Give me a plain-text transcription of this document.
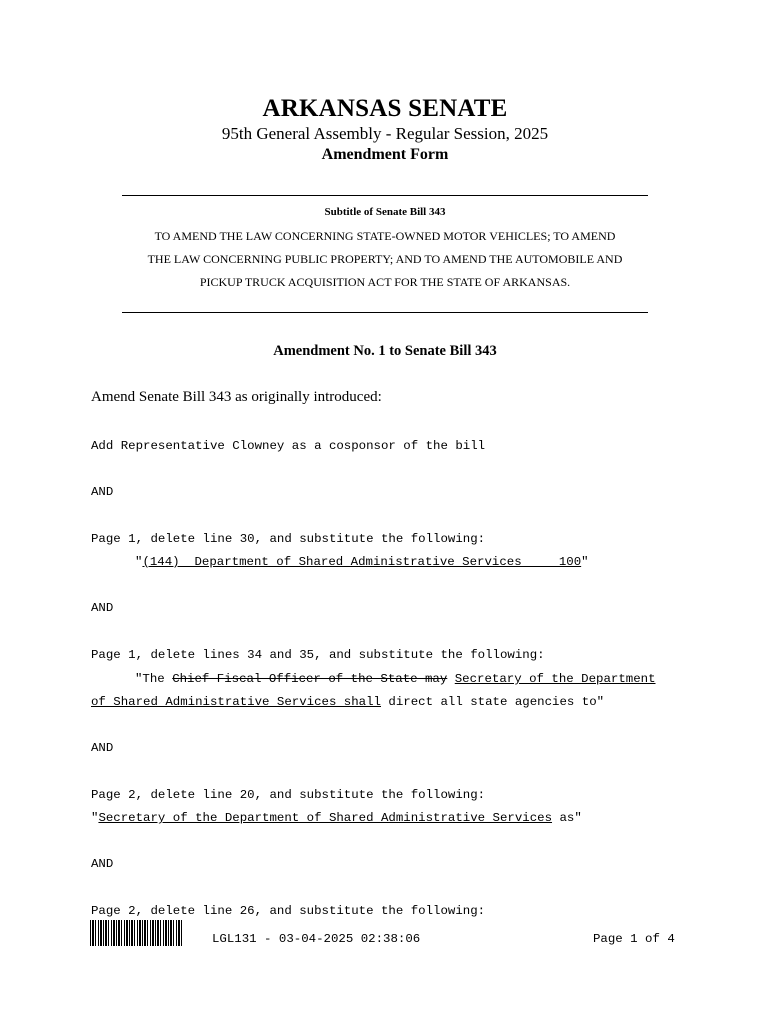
ARKANSAS SENATE
95th General Assembly - Regular Session, 2025
Amendment Form
Subtitle of Senate Bill 343
TO AMEND THE LAW CONCERNING STATE-OWNED MOTOR VEHICLES; TO AMEND
THE LAW CONCERNING PUBLIC PROPERTY; AND TO AMEND THE AUTOMOBILE AND
PICKUP TRUCK ACQUISITION ACT FOR THE STATE OF ARKANSAS.
Amendment No. 1 to Senate Bill 343
Amend Senate Bill 343 as originally introduced:
Add Representative Clowney as a cosponsor of the bill
AND
Page 1, delete line 30, and substitute the following:
"(144)  Department of Shared Administrative Services     100"
AND
Page 1, delete lines 34 and 35, and substitute the following:
"The Chief Fiscal Officer of the State may Secretary of the Department
of Shared Administrative Services shall direct all state agencies to"
AND
Page 2, delete line 20, and substitute the following:
"Secretary of the Department of Shared Administrative Services as"
AND
Page 2, delete line 26, and substitute the following:
LGL131 - 03-04-2025 02:38:06	Page 1 of 4
